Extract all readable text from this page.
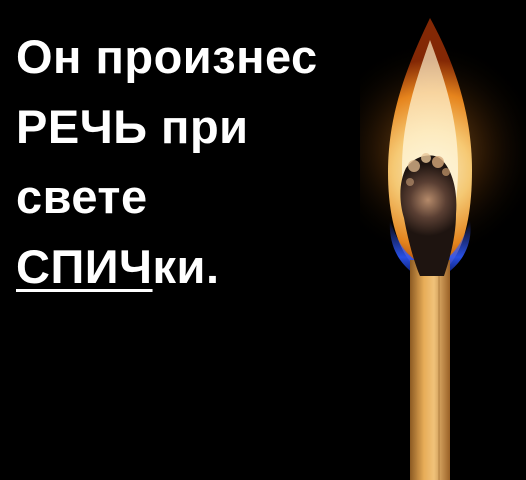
Он произнес
РЕЧЬ при
свете
СПИЧки.
